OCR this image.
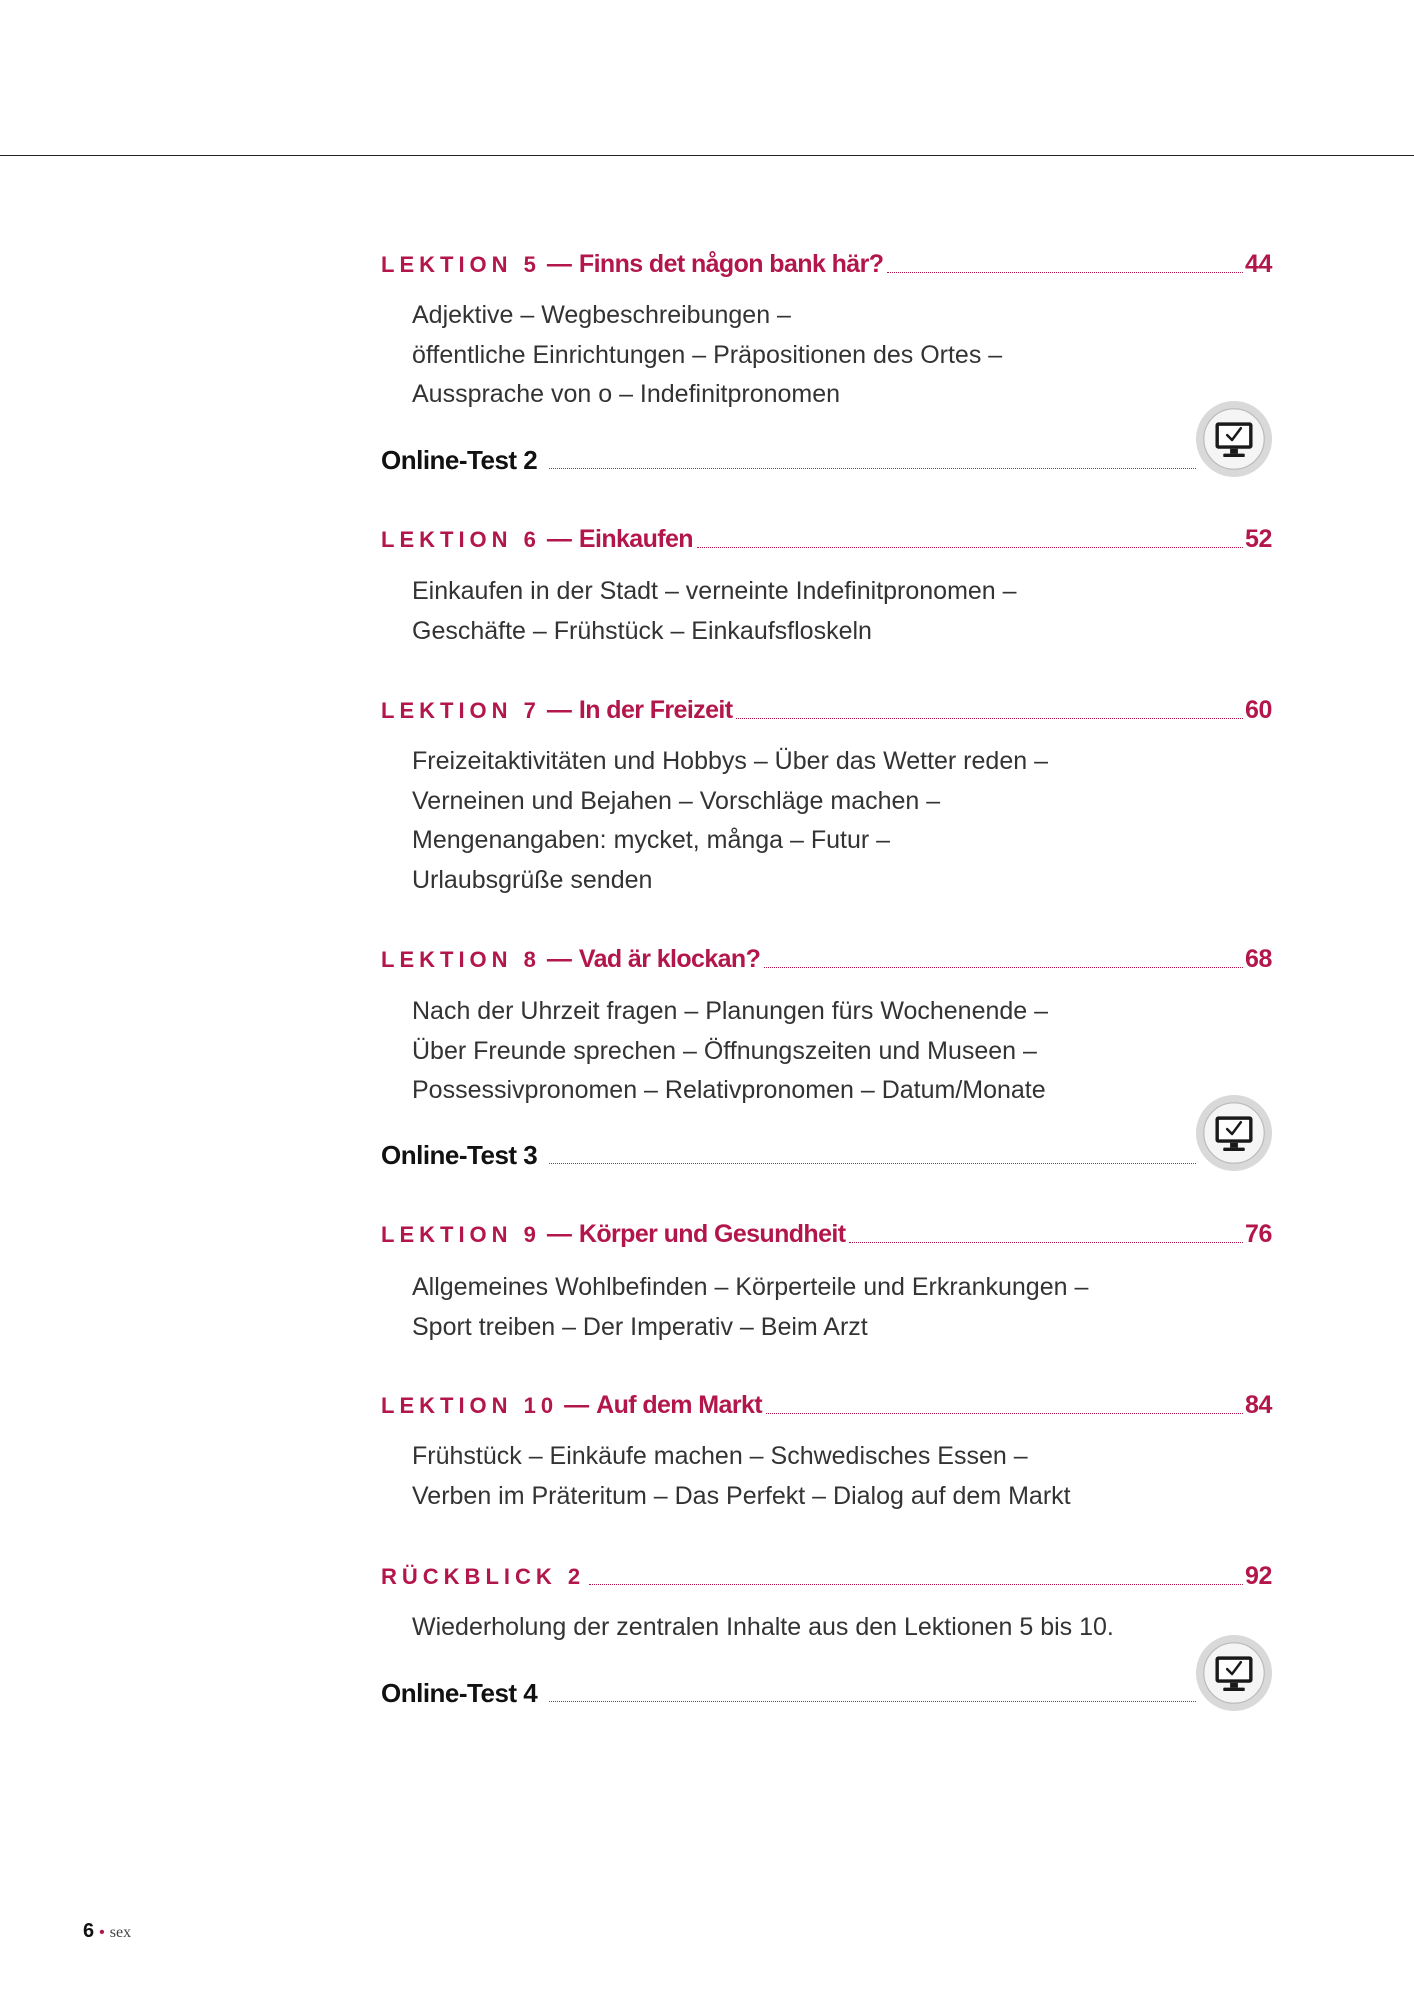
LEKTION 5 — Finns det någon bank här?	44
Adjektive – Wegbeschreibungen –
öffentliche Einrichtungen – Präpositionen des Ortes –
Aussprache von o – Indefinitpronomen
Online-Test 2
LEKTION 6 — Einkaufen	52
Einkaufen in der Stadt – verneinte Indefinitpronomen –
Geschäfte – Frühstück – Einkaufsfloskeln
LEKTION 7 — In der Freizeit	60
Freizeitaktivitäten und Hobbys – Über das Wetter reden –
Verneinen und Bejahen – Vorschläge machen –
Mengenangaben: mycket, många – Futur –
Urlaubsgrüße senden
LEKTION 8 — Vad är klockan?	68
Nach der Uhrzeit fragen – Planungen fürs Wochenende –
Über Freunde sprechen – Öffnungszeiten und Museen –
Possessivpronomen – Relativpronomen – Datum/Monate
Online-Test 3
LEKTION 9 — Körper und Gesundheit	76
Allgemeines Wohlbefinden – Körperteile und Erkrankungen –
Sport treiben – Der Imperativ – Beim Arzt
LEKTION 10 — Auf dem Markt	84
Frühstück – Einkäufe machen – Schwedisches Essen –
Verben im Präteritum – Das Perfekt – Dialog auf dem Markt
RÜCKBLICK 2	92
Wiederholung der zentralen Inhalte aus den Lektionen 5 bis 10.
Online-Test 4
6 • sex
